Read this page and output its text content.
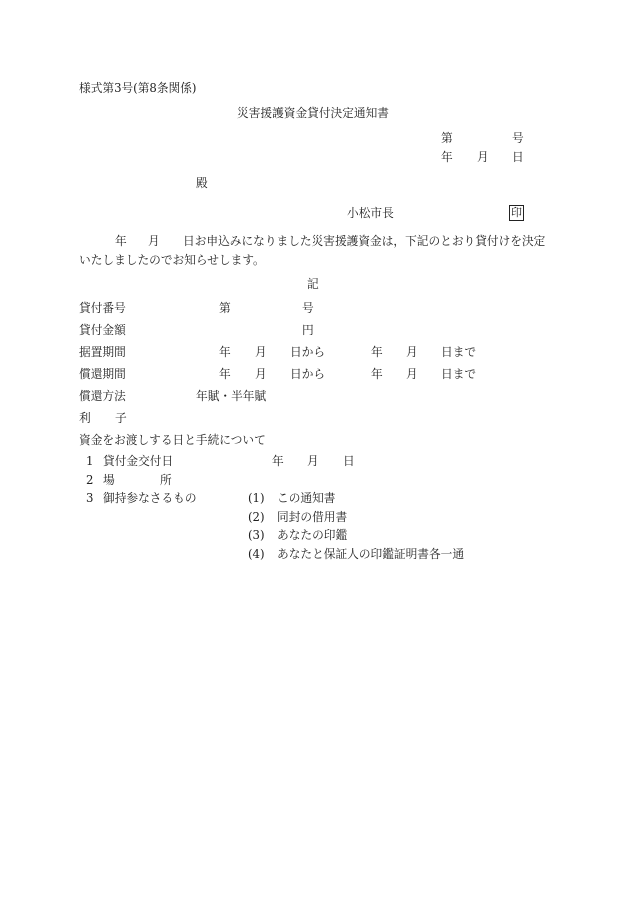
様式第3号(第8条関係)
災害援護資金貸付決定通知書
第	号
年 月 日
殿
小松市長	印
年 月 日お申込みになりました災害援護資金は，下記のとおり貸付けを決定
いたしましたのでお知らせします。
記
貸付番号	第	号
貸付金額	円
据置期間	年 月 日から	年 月 日まで
償還期間	年 月 日から	年 月 日まで
償還方法	年賦・半年賦
利 子
資金をお渡しする日と手続について
1 貸付金交付日	年 月 日
2 場	所
3 御持参なさるもの	(1) この通知書
(2) 同封の借用書
(3) あなたの印鑑
(4) あなたと保証人の印鑑証明書各一通
